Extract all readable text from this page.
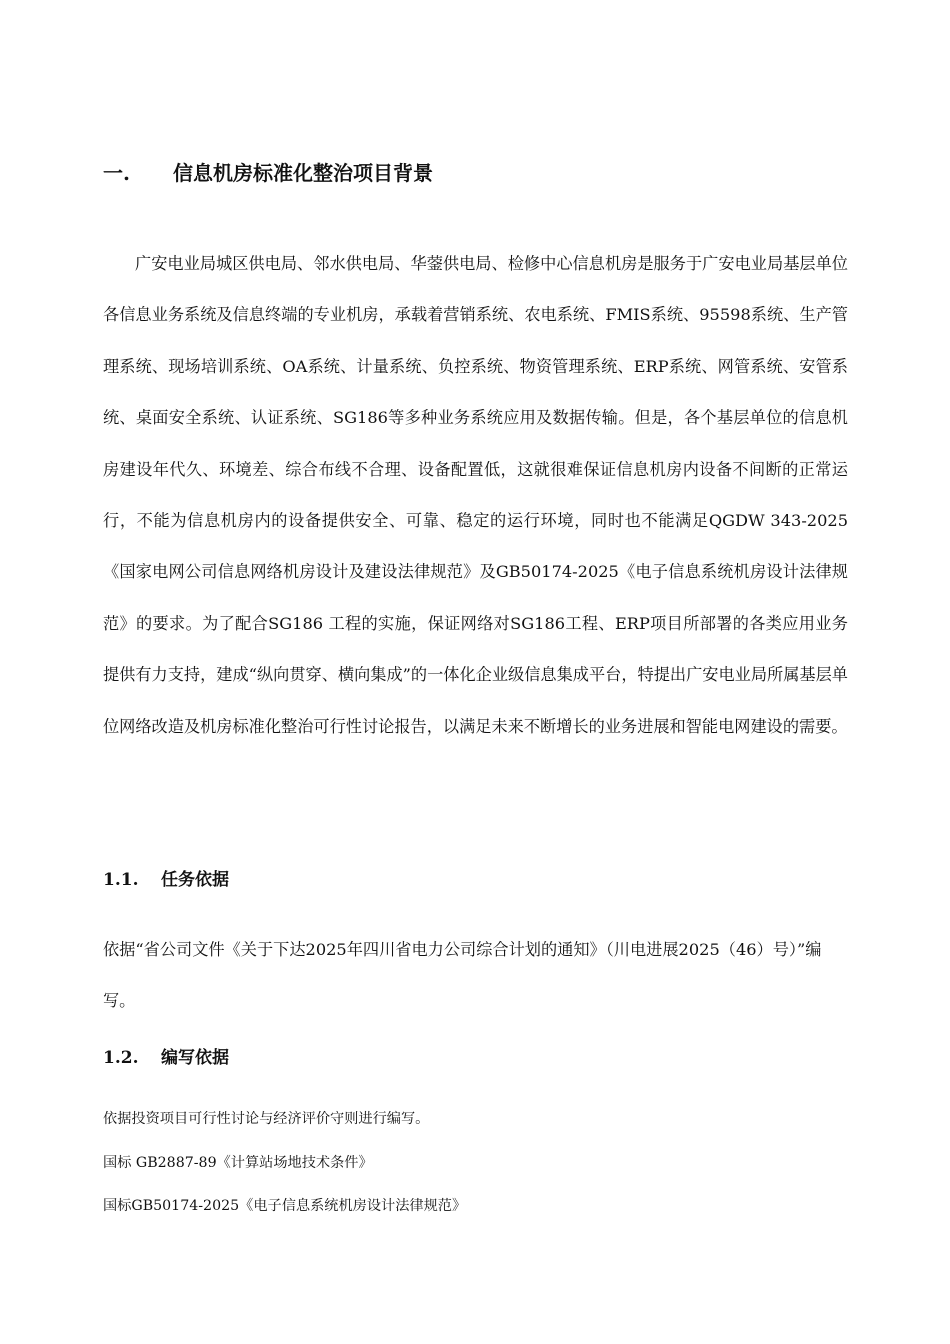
一. 信息机房标准化整治项目背景

广安电业局城区供电局、邻水供电局、华蓥供电局、检修中心信息机房是服务于广安电业局基层单位各信息业务系统及信息终端的专业机房，承载着营销系统、农电系统、FMIS系统、95598系统、生产管理系统、现场培训系统、OA系统、计量系统、负控系统、物资管理系统、ERP系统、网管系统、安管系统、桌面安全系统、认证系统、SG186等多种业务系统应用及数据传输。但是，各个基层单位的信息机房建设年代久、环境差、综合布线不合理、设备配置低，这就很难保证信息机房内设备不间断的正常运行，不能为信息机房内的设备提供安全、可靠、稳定的运行环境，同时也不能满足QGDW 343-2025 《国家电网公司信息网络机房设计及建设法律规范》及GB50174-2025《电子信息系统机房设计法律规范》的要求。为了配合SG186 工程的实施，保证网络对SG186工程、ERP项目所部署的各类应用业务提供有力支持，建成“纵向贯穿、横向集成”的一体化企业级信息集成平台，特提出广安电业局所属基层单位网络改造及机房标准化整治可行性讨论报告，以满足未来不断增长的业务进展和智能电网建设的需要。

1.1. 任务依据

依据“省公司文件《关于下达2025年四川省电力公司综合计划的通知》（川电进展2025（46）号）”编写。

1.2. 编写依据
依据投资项目可行性讨论与经济评价守则进行编写。
国标 GB2887-89《计算站场地技术条件》
国标GB50174-2025《电子信息系统机房设计法律规范》
